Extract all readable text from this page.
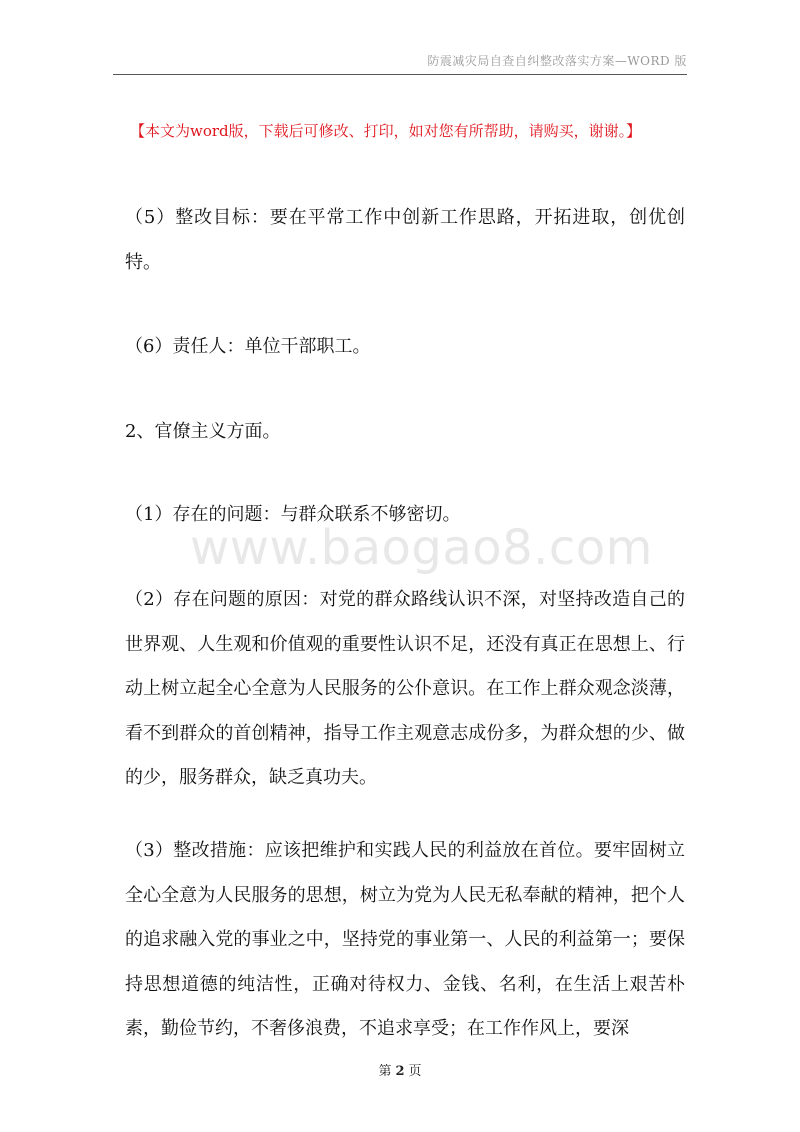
防震减灾局自查自纠整改落实方案—WORD 版
【本文为word版，下载后可修改、打印，如对您有所帮助，请购买，谢谢。】
www.baogao8.com

（5）整改目标：要在平常工作中创新工作思路，开拓进取，创优创特。

（6）责任人：单位干部职工。

2、官僚主义方面。

（1）存在的问题：与群众联系不够密切。

（2）存在问题的原因：对党的群众路线认识不深，对坚持改造自己的世界观、人生观和价值观的重要性认识不足，还没有真正在思想上、行动上树立起全心全意为人民服务的公仆意识。在工作上群众观念淡薄，看不到群众的首创精神，指导工作主观意志成份多，为群众想的少、做的少，服务群众，缺乏真功夫。

（3）整改措施：应该把维护和实践人民的利益放在首位。要牢固树立全心全意为人民服务的思想，树立为党为人民无私奉献的精神，把个人的追求融入党的事业之中，坚持党的事业第一、人民的利益第一；要保持思想道德的纯洁性，正确对待权力、金钱、名利，在生活上艰苦朴素，勤俭节约，不奢侈浪费，不追求享受；在工作作风上，要深

第 2 页
